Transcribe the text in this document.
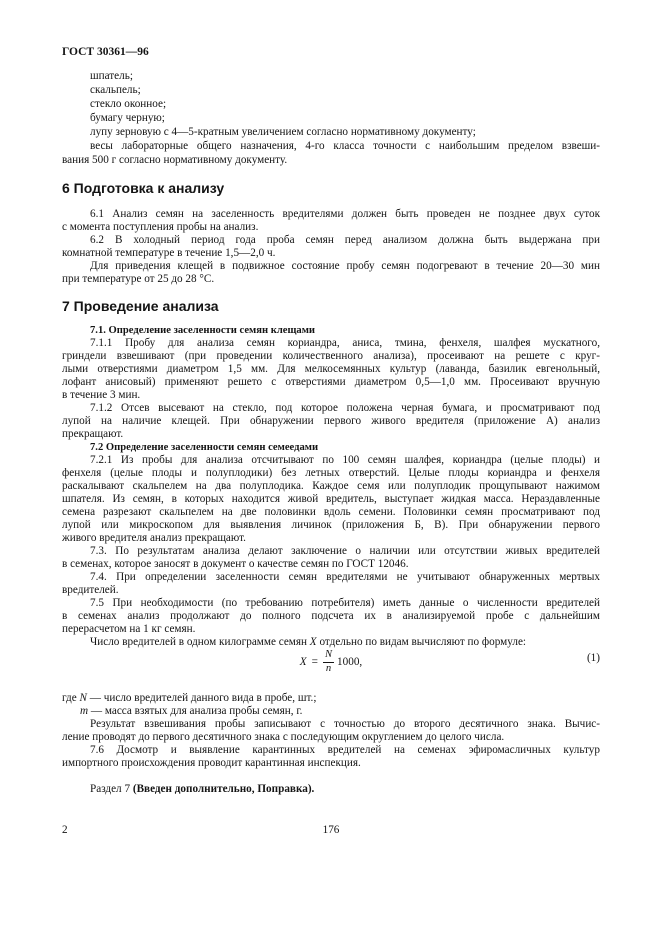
ГОСТ 30361—96
шпатель;
скальпель;
стекло оконное;
бумагу черную;
лупу зерновую с 4—5-кратным увеличением согласно нормативному документу;
весы лабораторные общего назначения, 4-го класса точности с наибольшим пределом взвеши-
вания 500 г согласно нормативному документу.
6 Подготовка к анализу
6.1 Анализ семян на заселенность вредителями должен быть проведен не позднее двух суток
с момента поступления пробы на анализ.
6.2 В холодный период года проба семян перед анализом должна быть выдержана при
комнатной температуре в течение 1,5—2,0 ч.
Для приведения клещей в подвижное состояние пробу семян подогревают в течение 20—30 мин
при температуре от 25 до 28 °С.
7 Проведение анализа
7.1. Определение заселенности семян клещами
7.1.1 Пробу для анализа семян кориандра, аниса, тмина, фенхеля, шалфея мускатного,
гриндели взвешивают (при проведении количественного анализа), просеивают на решете с круг-
лыми отверстиями диаметром 1,5 мм. Для мелкосемянных культур (лаванда, базилик евгенольный,
лофант анисовый) применяют решето с отверстиями диаметром 0,5—1,0 мм. Просеивают вручную
в течение 3 мин.
7.1.2 Отсев высевают на стекло, под которое положена черная бумага, и просматривают под
лупой на наличие клещей. При обнаружении первого живого вредителя (приложение А) анализ
прекращают.
7.2 Определение заселенности семян семеедами
7.2.1 Из пробы для анализа отсчитывают по 100 семян шалфея, кориандра (целые плоды) и
фенхеля (целые плоды и полуплодики) без летных отверстий. Целые плоды кориандра и фенхеля
раскалывают скальпелем на два полуплодика. Каждое семя или полуплодик прощупывают нажимом
шпателя. Из семян, в которых находится живой вредитель, выступает жидкая масса. Нераздавленные
семена разрезают скальпелем на две половинки вдоль семени. Половинки семян просматривают под
лупой или микроскопом для выявления личинок (приложения Б, В). При обнаружении первого
живого вредителя анализ прекращают.
7.3. По результатам анализа делают заключение о наличии или отсутствии живых вредителей
в семенах, которое заносят в документ о качестве семян по ГОСТ 12046.
7.4. При определении заселенности семян вредителями не учитывают обнаруженных мертвых
вредителей.
7.5 При необходимости (по требованию потребителя) иметь данные о численности вредителей
в семенах анализ продолжают до полного подсчета их в анализируемой пробе с дальнейшим
перерасчетом на 1 кг семян.
Число вредителей в одном килограмме семян X отдельно по видам вычисляют по формуле:
$X = \frac{N}{n} 1000$,	(1)
где N — число вредителей данного вида в пробе, шт.;
m — масса взятых для анализа пробы семян, г.
Результат взвешивания пробы записывают с точностью до второго десятичного знака. Вычис-
ление проводят до первого десятичного знака с последующим округлением до целого числа.
7.6 Досмотр и выявление карантинных вредителей на семенах эфиромасличных культур
импортного происхождения проводит карантинная инспекция.
Раздел 7 (Введен дополнительно, Поправка).
2	176
